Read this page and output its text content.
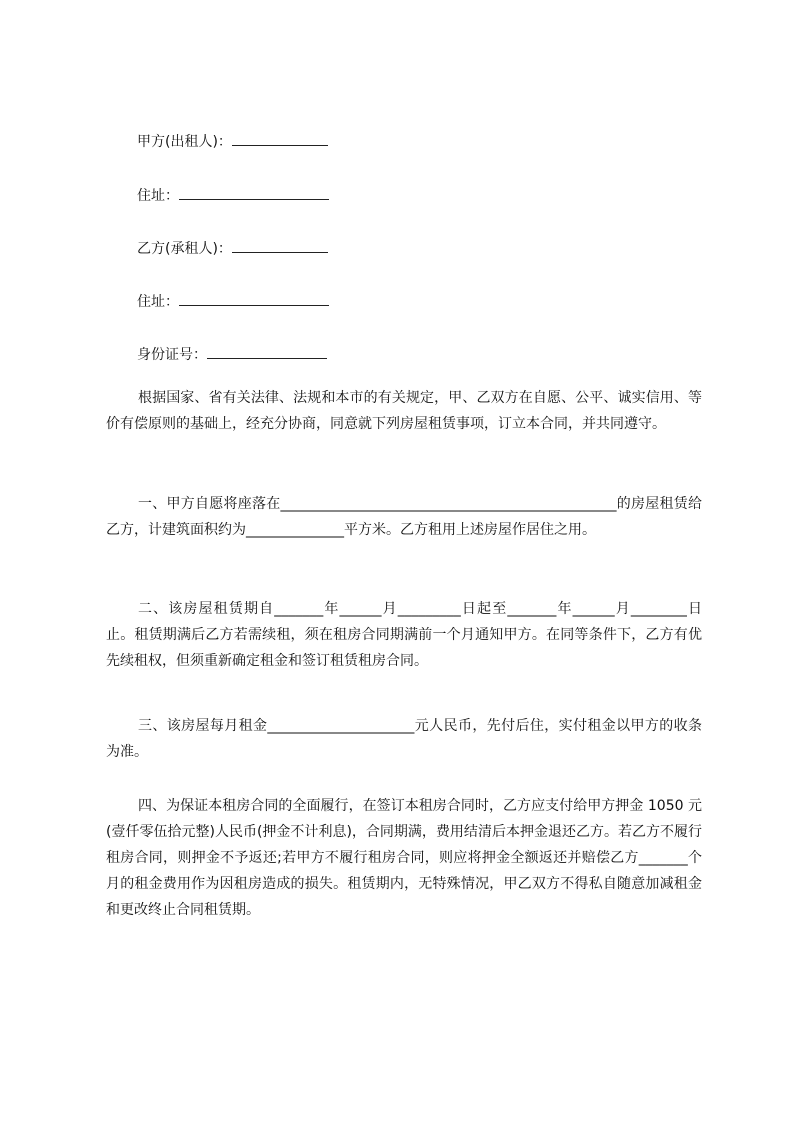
甲方(出租人)：
住址：
乙方(承租人)：
住址：
身份证号：

根据国家、省有关法律、法规和本市的有关规定，甲、乙双方在自愿、公平、诚实信用、等价有偿原则的基础上，经充分协商，同意就下列房屋租赁事项，订立本合同，并共同遵守。

一、甲方自愿将座落在________________________________________________的房屋租赁给乙方，计建筑面积约为______________平方米。乙方租用上述房屋作居住之用。

二、该房屋租赁期自_______年______月_________日起至_______年______月________日止。租赁期满后乙方若需续租，须在租房合同期满前一个月通知甲方。在同等条件下，乙方有优先续租权，但须重新确定租金和签订租赁租房合同。

三、该房屋每月租金_____________________元人民币，先付后住，实付租金以甲方的收条为准。

四、为保证本租房合同的全面履行，在签订本租房合同时，乙方应支付给甲方押金 1050 元(壹仟零伍拾元整)人民币(押金不计利息)，合同期满，费用结清后本押金退还乙方。若乙方不履行租房合同，则押金不予返还;若甲方不履行租房合同，则应将押金全额返还并赔偿乙方_______个月的租金费用作为因租房造成的损失。租赁期内，无特殊情况，甲乙双方不得私自随意加减租金和更改终止合同租赁期。
